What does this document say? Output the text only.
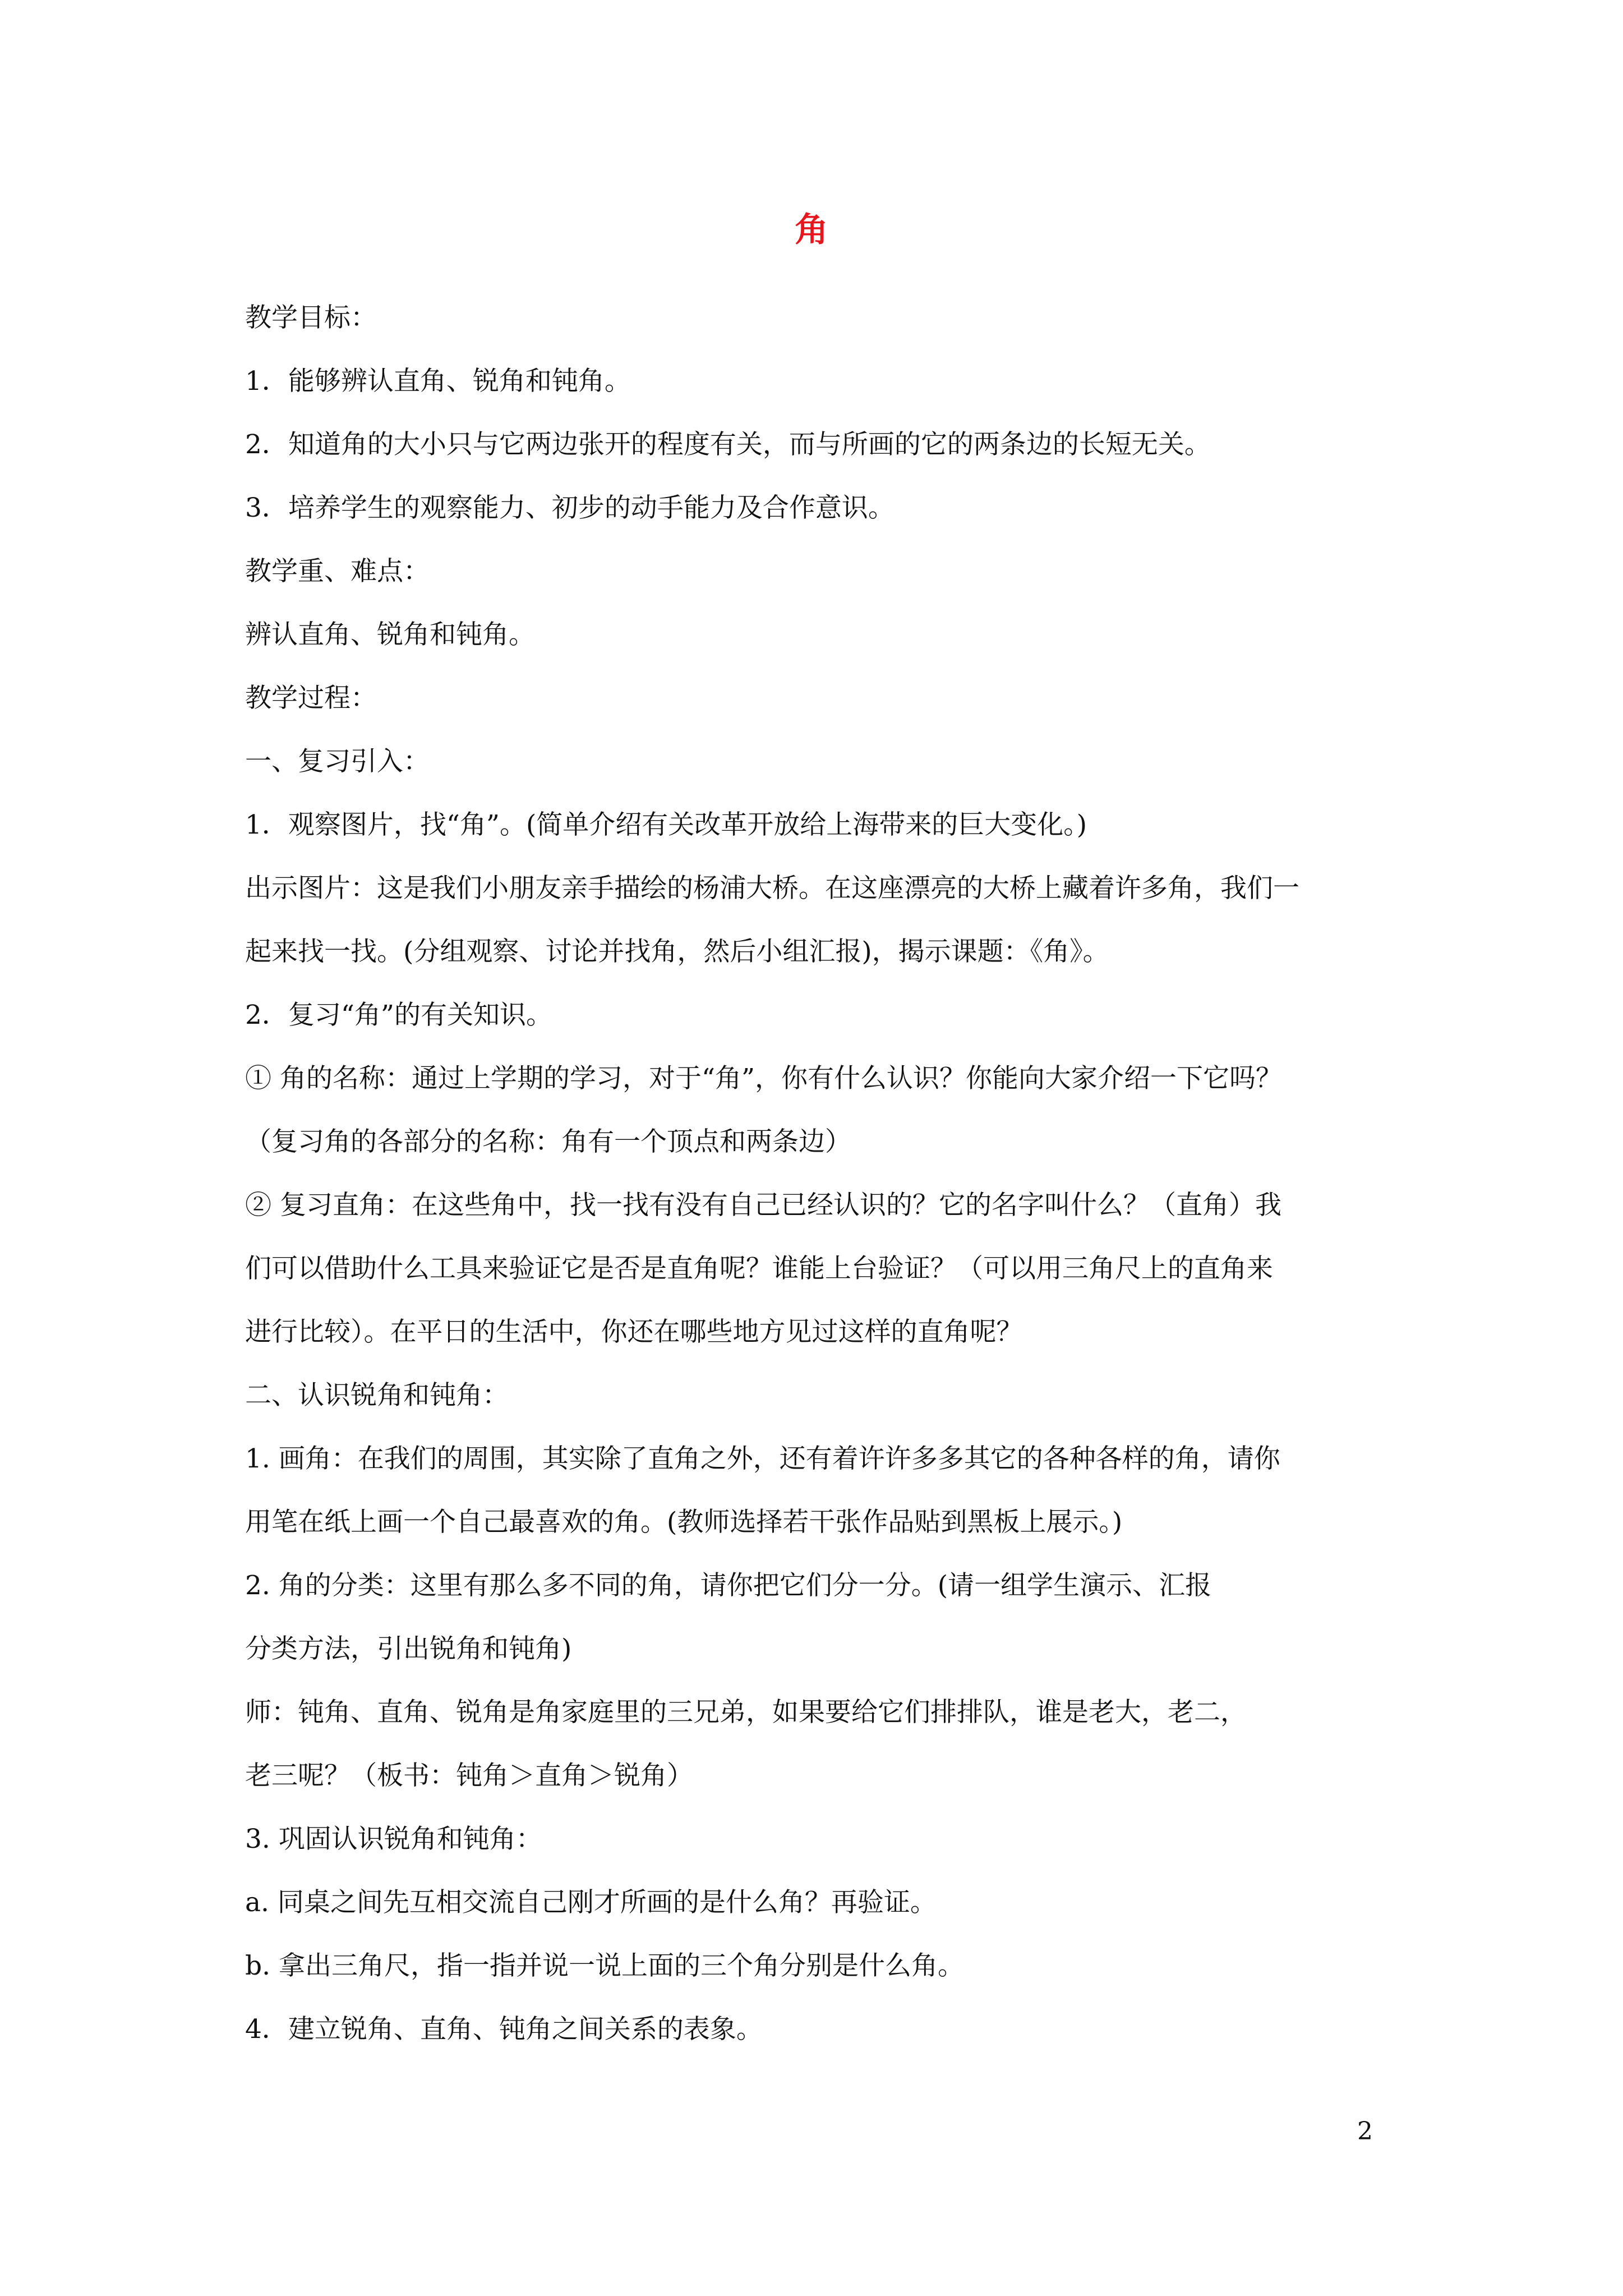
角
教学目标：
1．能够辨认直角、锐角和钝角。
2．知道角的大小只与它两边张开的程度有关，而与所画的它的两条边的长短无关。
3．培养学生的观察能力、初步的动手能力及合作意识。
教学重、难点：
辨认直角、锐角和钝角。
教学过程：
一、复习引入：
1．观察图片，找“角”。(简单介绍有关改革开放给上海带来的巨大变化。)
出示图片：这是我们小朋友亲手描绘的杨浦大桥。在这座漂亮的大桥上藏着许多角，我们一
起来找一找。(分组观察、讨论并找角，然后小组汇报)，揭示课题：《角》。
2．复习“角”的有关知识。
① 角的名称：通过上学期的学习，对于“角”，你有什么认识？你能向大家介绍一下它吗？
（复习角的各部分的名称：角有一个顶点和两条边）
② 复习直角：在这些角中，找一找有没有自己已经认识的？它的名字叫什么？（直角）我
们可以借助什么工具来验证它是否是直角呢？谁能上台验证？（可以用三角尺上的直角来
进行比较）。在平日的生活中，你还在哪些地方见过这样的直角呢？
二、认识锐角和钝角：
1. 画角：在我们的周围，其实除了直角之外，还有着许许多多其它的各种各样的角，请你
用笔在纸上画一个自己最喜欢的角。(教师选择若干张作品贴到黑板上展示。)
2. 角的分类：这里有那么多不同的角，请你把它们分一分。(请一组学生演示、汇报
分类方法，引出锐角和钝角)
师：钝角、直角、锐角是角家庭里的三兄弟，如果要给它们排排队，谁是老大，老二，
老三呢？（板书：钝角＞直角＞锐角）
3. 巩固认识锐角和钝角：
a. 同桌之间先互相交流自己刚才所画的是什么角？再验证。
b. 拿出三角尺，指一指并说一说上面的三个角分别是什么角。
4．建立锐角、直角、钝角之间关系的表象。
2
